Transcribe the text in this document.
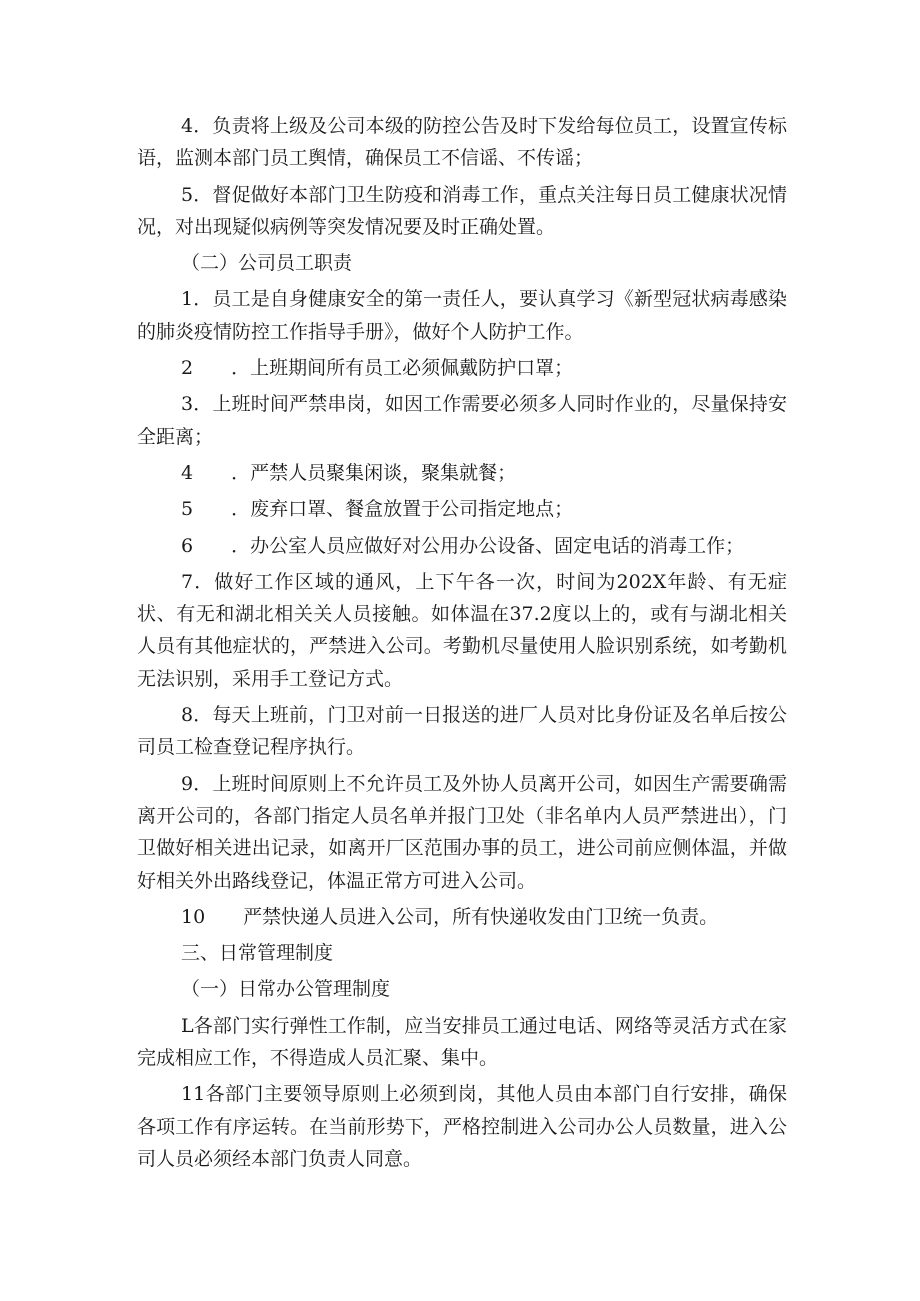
4．负责将上级及公司本级的防控公告及时下发给每位员工，设置宣传标语，监测本部门员工舆情，确保员工不信谣、不传谣；

5．督促做好本部门卫生防疫和消毒工作，重点关注每日员工健康状况情况，对出现疑似病例等突发情况要及时正确处置。

（二）公司员工职责

1．员工是自身健康安全的第一责任人，要认真学习《新型冠状病毒感染的肺炎疫情防控工作指导手册》，做好个人防护工作。

2　　．上班期间所有员工必须佩戴防护口罩；

3．上班时间严禁串岗，如因工作需要必须多人同时作业的，尽量保持安全距离；

4　　．严禁人员聚集闲谈，聚集就餐；

5　　．废弃口罩、餐盒放置于公司指定地点；

6　　．办公室人员应做好对公用办公设备、固定电话的消毒工作；

7．做好工作区域的通风，上下午各一次，时间为202X年龄、有无症状、有无和湖北相关关人员接触。如体温在37.2度以上的，或有与湖北相关人员有其他症状的，严禁进入公司。考勤机尽量使用人脸识别系统，如考勤机无法识别，采用手工登记方式。

8．每天上班前，门卫对前一日报送的进厂人员对比身份证及名单后按公司员工检查登记程序执行。

9．上班时间原则上不允许员工及外协人员离开公司，如因生产需要确需离开公司的，各部门指定人员名单并报门卫处（非名单内人员严禁进出），门卫做好相关进出记录，如离开厂区范围办事的员工，进公司前应侧体温，并做好相关外出路线登记，体温正常方可进入公司。

10　　严禁快递人员进入公司，所有快递收发由门卫统一负责。

三、日常管理制度

（一）日常办公管理制度

L各部门实行弹性工作制，应当安排员工通过电话、网络等灵活方式在家完成相应工作，不得造成人员汇聚、集中。

11各部门主要领导原则上必须到岗，其他人员由本部门自行安排，确保各项工作有序运转。在当前形势下，严格控制进入公司办公人员数量，进入公司人员必须经本部门负责人同意。
